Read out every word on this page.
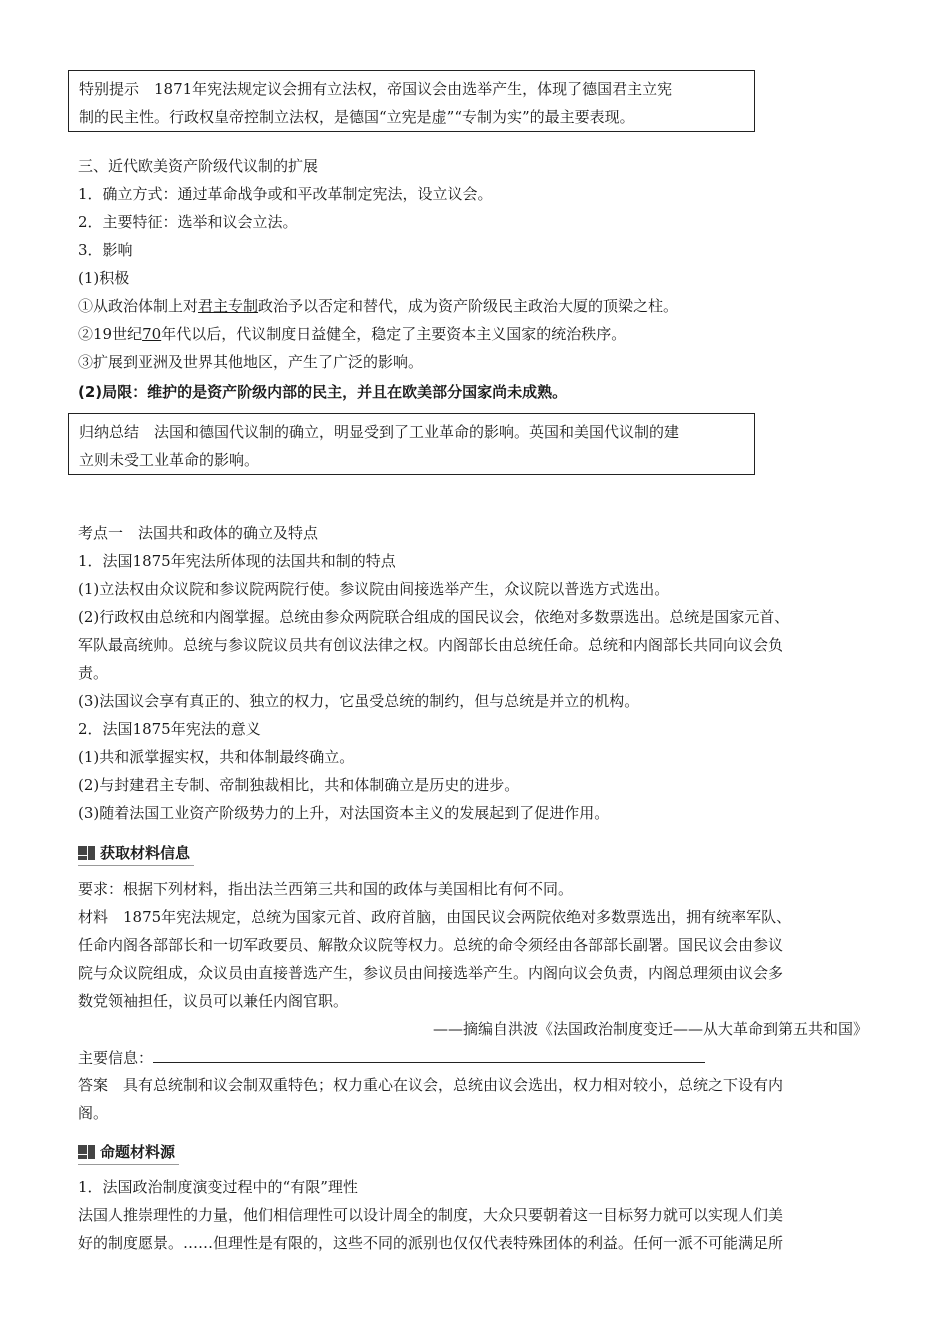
特别提示　1871年宪法规定议会拥有立法权，帝国议会由选举产生，体现了德国君主立宪
制的民主性。行政权皇帝控制立法权，是德国“立宪是虚”“专制为实”的最主要表现。
三、近代欧美资产阶级代议制的扩展
1．确立方式：通过革命战争或和平改革制定宪法，设立议会。
2．主要特征：选举和议会立法。
3．影响
(1)积极
①从政治体制上对君主专制政治予以否定和替代，成为资产阶级民主政治大厦的顶梁之柱。
②19世纪70年代以后，代议制度日益健全，稳定了主要资本主义国家的统治秩序。
③扩展到亚洲及世界其他地区，产生了广泛的影响。
(2)局限：维护的是资产阶级内部的民主，并且在欧美部分国家尚未成熟。
归纳总结　法国和德国代议制的确立，明显受到了工业革命的影响。英国和美国代议制的建
立则未受工业革命的影响。
考点一　法国共和政体的确立及特点
1．法国1875年宪法所体现的法国共和制的特点
(1)立法权由众议院和参议院两院行使。参议院由间接选举产生，众议院以普选方式选出。
(2)行政权由总统和内阁掌握。总统由参众两院联合组成的国民议会，依绝对多数票选出。总统是国家元首、
军队最高统帅。总统与参议院议员共有创议法律之权。内阁部长由总统任命。总统和内阁部长共同向议会负
责。
(3)法国议会享有真正的、独立的权力，它虽受总统的制约，但与总统是并立的机构。
2．法国1875年宪法的意义
(1)共和派掌握实权，共和体制最终确立。
(2)与封建君主专制、帝制独裁相比，共和体制确立是历史的进步。
(3)随着法国工业资产阶级势力的上升，对法国资本主义的发展起到了促进作用。
获取材料信息
要求：根据下列材料，指出法兰西第三共和国的政体与美国相比有何不同。
材料　1875年宪法规定，总统为国家元首、政府首脑，由国民议会两院依绝对多数票选出，拥有统率军队、
任命内阁各部部长和一切军政要员、解散众议院等权力。总统的命令须经由各部部长副署。国民议会由参议
院与众议院组成，众议员由直接普选产生，参议员由间接选举产生。内阁向议会负责，内阁总理须由议会多
数党领袖担任，议员可以兼任内阁官职。
——摘编自洪波《法国政治制度变迁——从大革命到第五共和国》
主要信息：
答案　具有总统制和议会制双重特色；权力重心在议会，总统由议会选出，权力相对较小，总统之下设有内
阁。
命题材料源
1．法国政治制度演变过程中的“有限”理性
法国人推崇理性的力量，他们相信理性可以设计周全的制度，大众只要朝着这一目标努力就可以实现人们美
好的制度愿景。……但理性是有限的，这些不同的派别也仅仅代表特殊团体的利益。任何一派不可能满足所
